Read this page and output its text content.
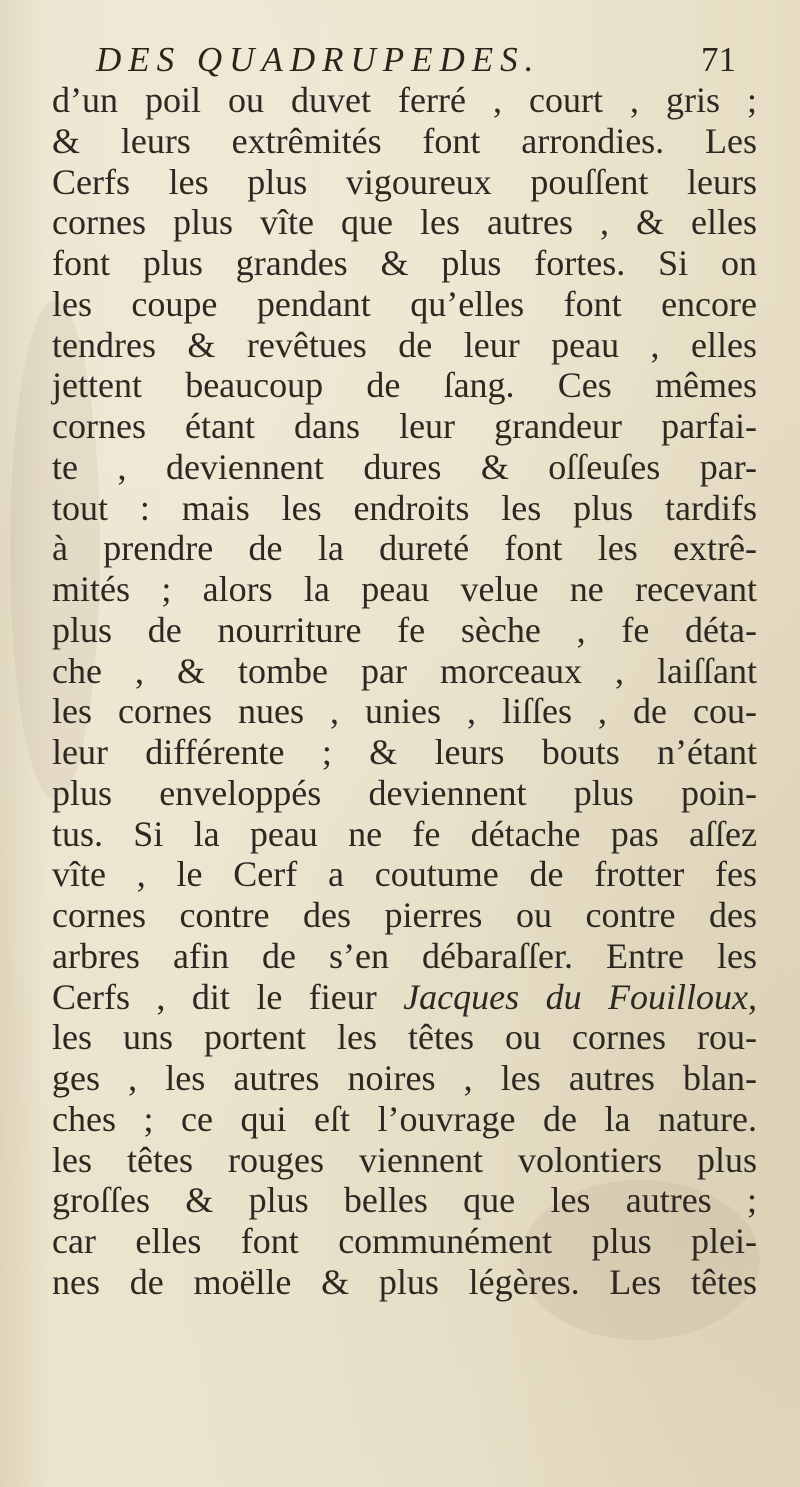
DES QUADRUPEDES.	71
d’un poil ou duvet ferré , court , gris ;
& leurs extrêmités font arrondies. Les
Cerfs les plus vigoureux pouſſent leurs
cornes plus vîte que les autres , & elles
font plus grandes & plus fortes. Si on
les coupe pendant qu’elles font encore
tendres & revêtues de leur peau , elles
jettent beaucoup de ſang. Ces mêmes
cornes étant dans leur grandeur parfai-
te , deviennent dures & oſſeuſes par-
tout : mais les endroits les plus tardifs
à prendre de la dureté font les extrê-
mités ; alors la peau velue ne recevant
plus de nourriture fe sèche , fe déta-
che , & tombe par morceaux , laiſſant
les cornes nues , unies , liſſes , de cou-
leur différente ; & leurs bouts n’étant
plus enveloppés deviennent plus poin-
tus. Si la peau ne fe détache pas aſſez
vîte , le Cerf a coutume de frotter fes
cornes contre des pierres ou contre des
arbres afin de s’en débaraſſer. Entre les
Cerfs , dit le fieur Jacques du Fouilloux,
les uns portent les têtes ou cornes rou-
ges , les autres noires , les autres blan-
ches ; ce qui eſt l’ouvrage de la nature.
les têtes rouges viennent volontiers plus
groſſes & plus belles que les autres ;
car elles font communément plus plei-
nes de moëlle & plus légères. Les têtes
